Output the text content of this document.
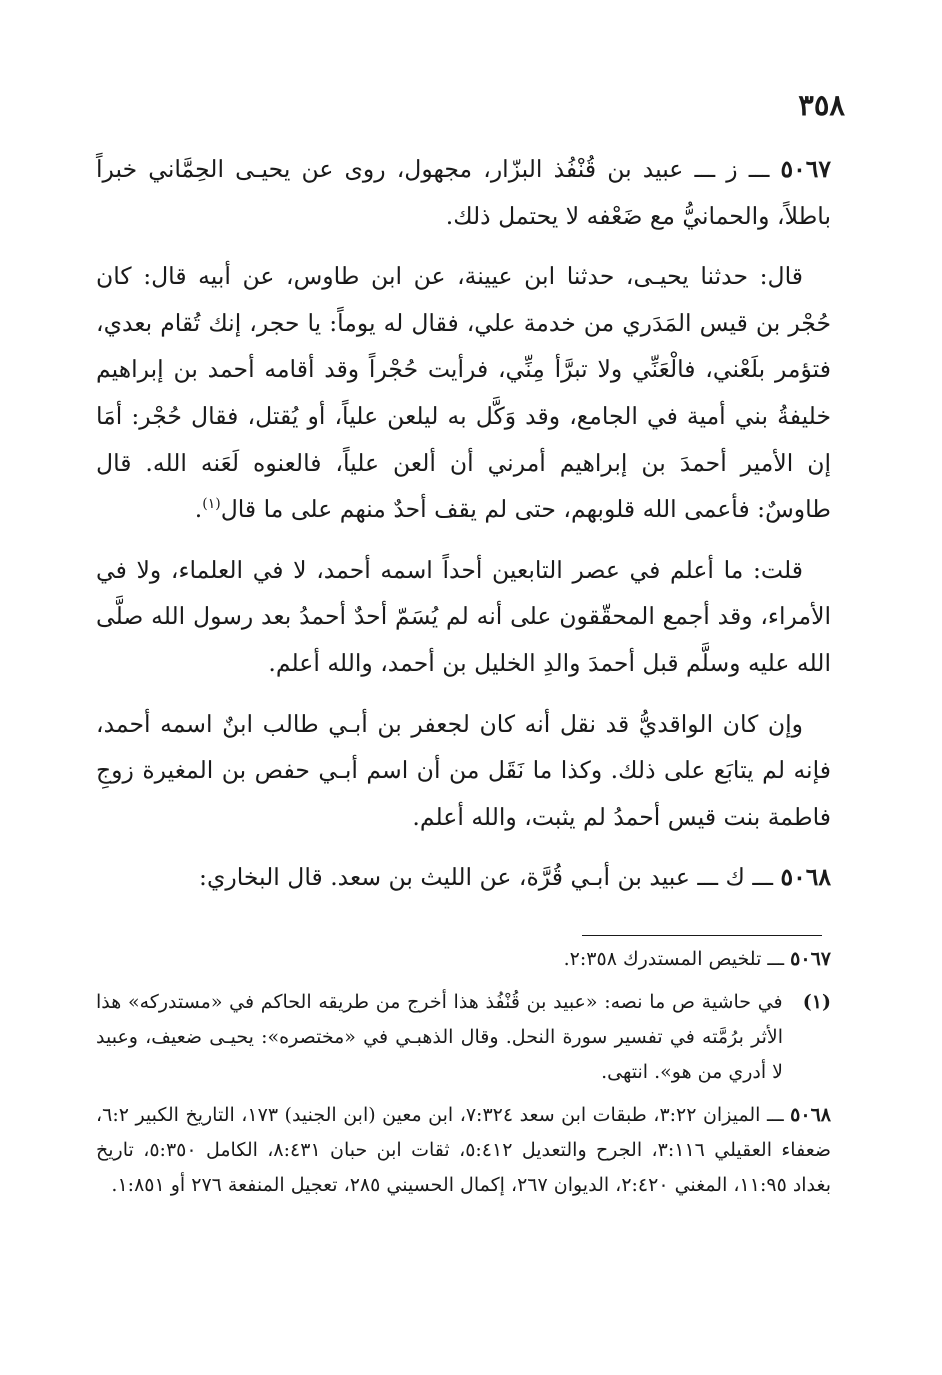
٣٥٨

٥٠٦٧ ـــ ز ـــ عبيد بن قُنْفُذ البزّار، مجهول، روى عن يحيـى الحِمَّاني خبراً باطلاً، والحمانيُّ مع ضَعْفه لا يحتمل ذلك.

قال: حدثنا يحيـى، حدثنا ابن عيينة، عن ابن طاوس، عن أبيه قال: كان حُجْر بن قيس المَدَري من خدمة علي، فقال له يوماً: يا حجر، إنك تُقام بعدي، فتؤمر بلَعْني، فالْعَنِّي ولا تبرَّأ مِنِّي، فرأيت حُجْراً وقد أقامه أحمد بن إبراهيم خليفةُ بني أمية في الجامع، وقد وَكَّل به ليلعن علياً، أو يُقتل، فقال حُجْر: أمَا إن الأمير أحمدَ بن إبراهيم أمرني أن ألعن علياً، فالعنوه لَعَنه الله. قال طاوسٌ: فأعمى الله قلوبهم، حتى لم يقف أحدٌ منهم على ما قال$^{(١)}$.

قلت: ما أعلم في عصر التابعين أحداً اسمه أحمد، لا في العلماء، ولا في الأمراء، وقد أجمع المحقّقون على أنه لم يُسَمّ أحدٌ أحمدُ بعد رسول الله صلَّى الله عليه وسلَّم قبل أحمدَ والدِ الخليل بن أحمد، والله أعلم.

وإن كان الواقديُّ قد نقل أنه كان لجعفر بن أبـي طالب ابنٌ اسمه أحمد، فإنه لم يتابَع على ذلك. وكذا ما نَقَل من أن اسم أبـي حفص بن المغيرة زوجِ فاطمة بنت قيس أحمدُ لم يثبت، والله أعلم.

٥٠٦٨ ـــ ك ـــ عبيد بن أبـي قُرَّة، عن الليث بن سعد. قال البخاري:

٥٠٦٧ ـــ تلخيص المستدرك ٢:٣٥٨.

(١)   في حاشية ص ما نصه: «عبيد بن قُنْفُذ هذا أخرج من طريقه الحاكم في «مستدركه» هذا الأثر برُمَّته في تفسير سورة النحل. وقال الذهبـي في «مختصره»: يحيـى ضعيف، وعبيد لا أدري من هو». انتهى.

٥٠٦٨ ـــ الميزان ٣:٢٢، طبقات ابن سعد ٧:٣٢٤، ابن معين (ابن الجنيد) ١٧٣، التاريخ الكبير ٦:٢، ضعفاء العقيلي ٣:١١٦، الجرح والتعديل ٥:٤١٢، ثقات ابن حبان ٨:٤٣١، الكامل ٥:٣٥٠، تاريخ بغداد ١١:٩٥، المغني ٢:٤٢٠، الديوان ٢٦٧، إكمال الحسيني ٢٨٥، تعجيل المنفعة ٢٧٦ أو ١:٨٥١.
